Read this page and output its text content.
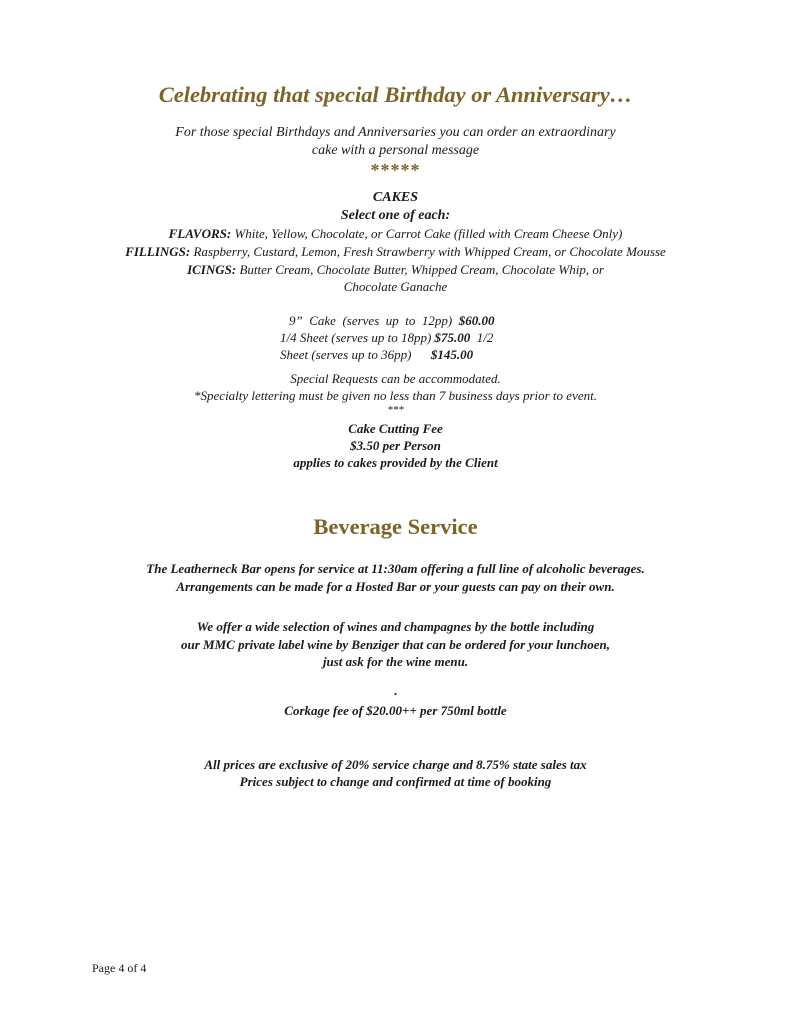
Celebrating that special Birthday or Anniversary…
For those special Birthdays and Anniversaries you can order an extraordinary
cake with a personal message
*****
CAKES
Select one of each:
FLAVORS: White, Yellow, Chocolate, or Carrot Cake (filled with Cream Cheese Only)
FILLINGS: Raspberry, Custard, Lemon, Fresh Strawberry with Whipped Cream, or Chocolate Mousse
ICINGS: Butter Cream, Chocolate Butter, Whipped Cream, Chocolate Whip, or
Chocolate Ganache
9”  Cake  (serves  up  to  12pp)  $60.00
1/4 Sheet (serves up to 18pp) $75.00  1/2
Sheet (serves up to 36pp)      $145.00
Special Requests can be accommodated.
*Specialty lettering must be given no less than 7 business days prior to event.
***
Cake Cutting Fee
$3.50 per Person
applies to cakes provided by the Client
Beverage Service
The Leatherneck Bar opens for service at 11:30am offering a full line of alcoholic beverages.
Arrangements can be made for a Hosted Bar or your guests can pay on their own.
We offer a wide selection of wines and champagnes by the bottle including
our MMC private label wine by Benziger that can be ordered for your lunchoen,
just ask for the wine menu.
.
Corkage fee of $20.00++ per 750ml bottle
All prices are exclusive of 20% service charge and 8.75% state sales tax
Prices subject to change and confirmed at time of booking
Page 4 of 4
